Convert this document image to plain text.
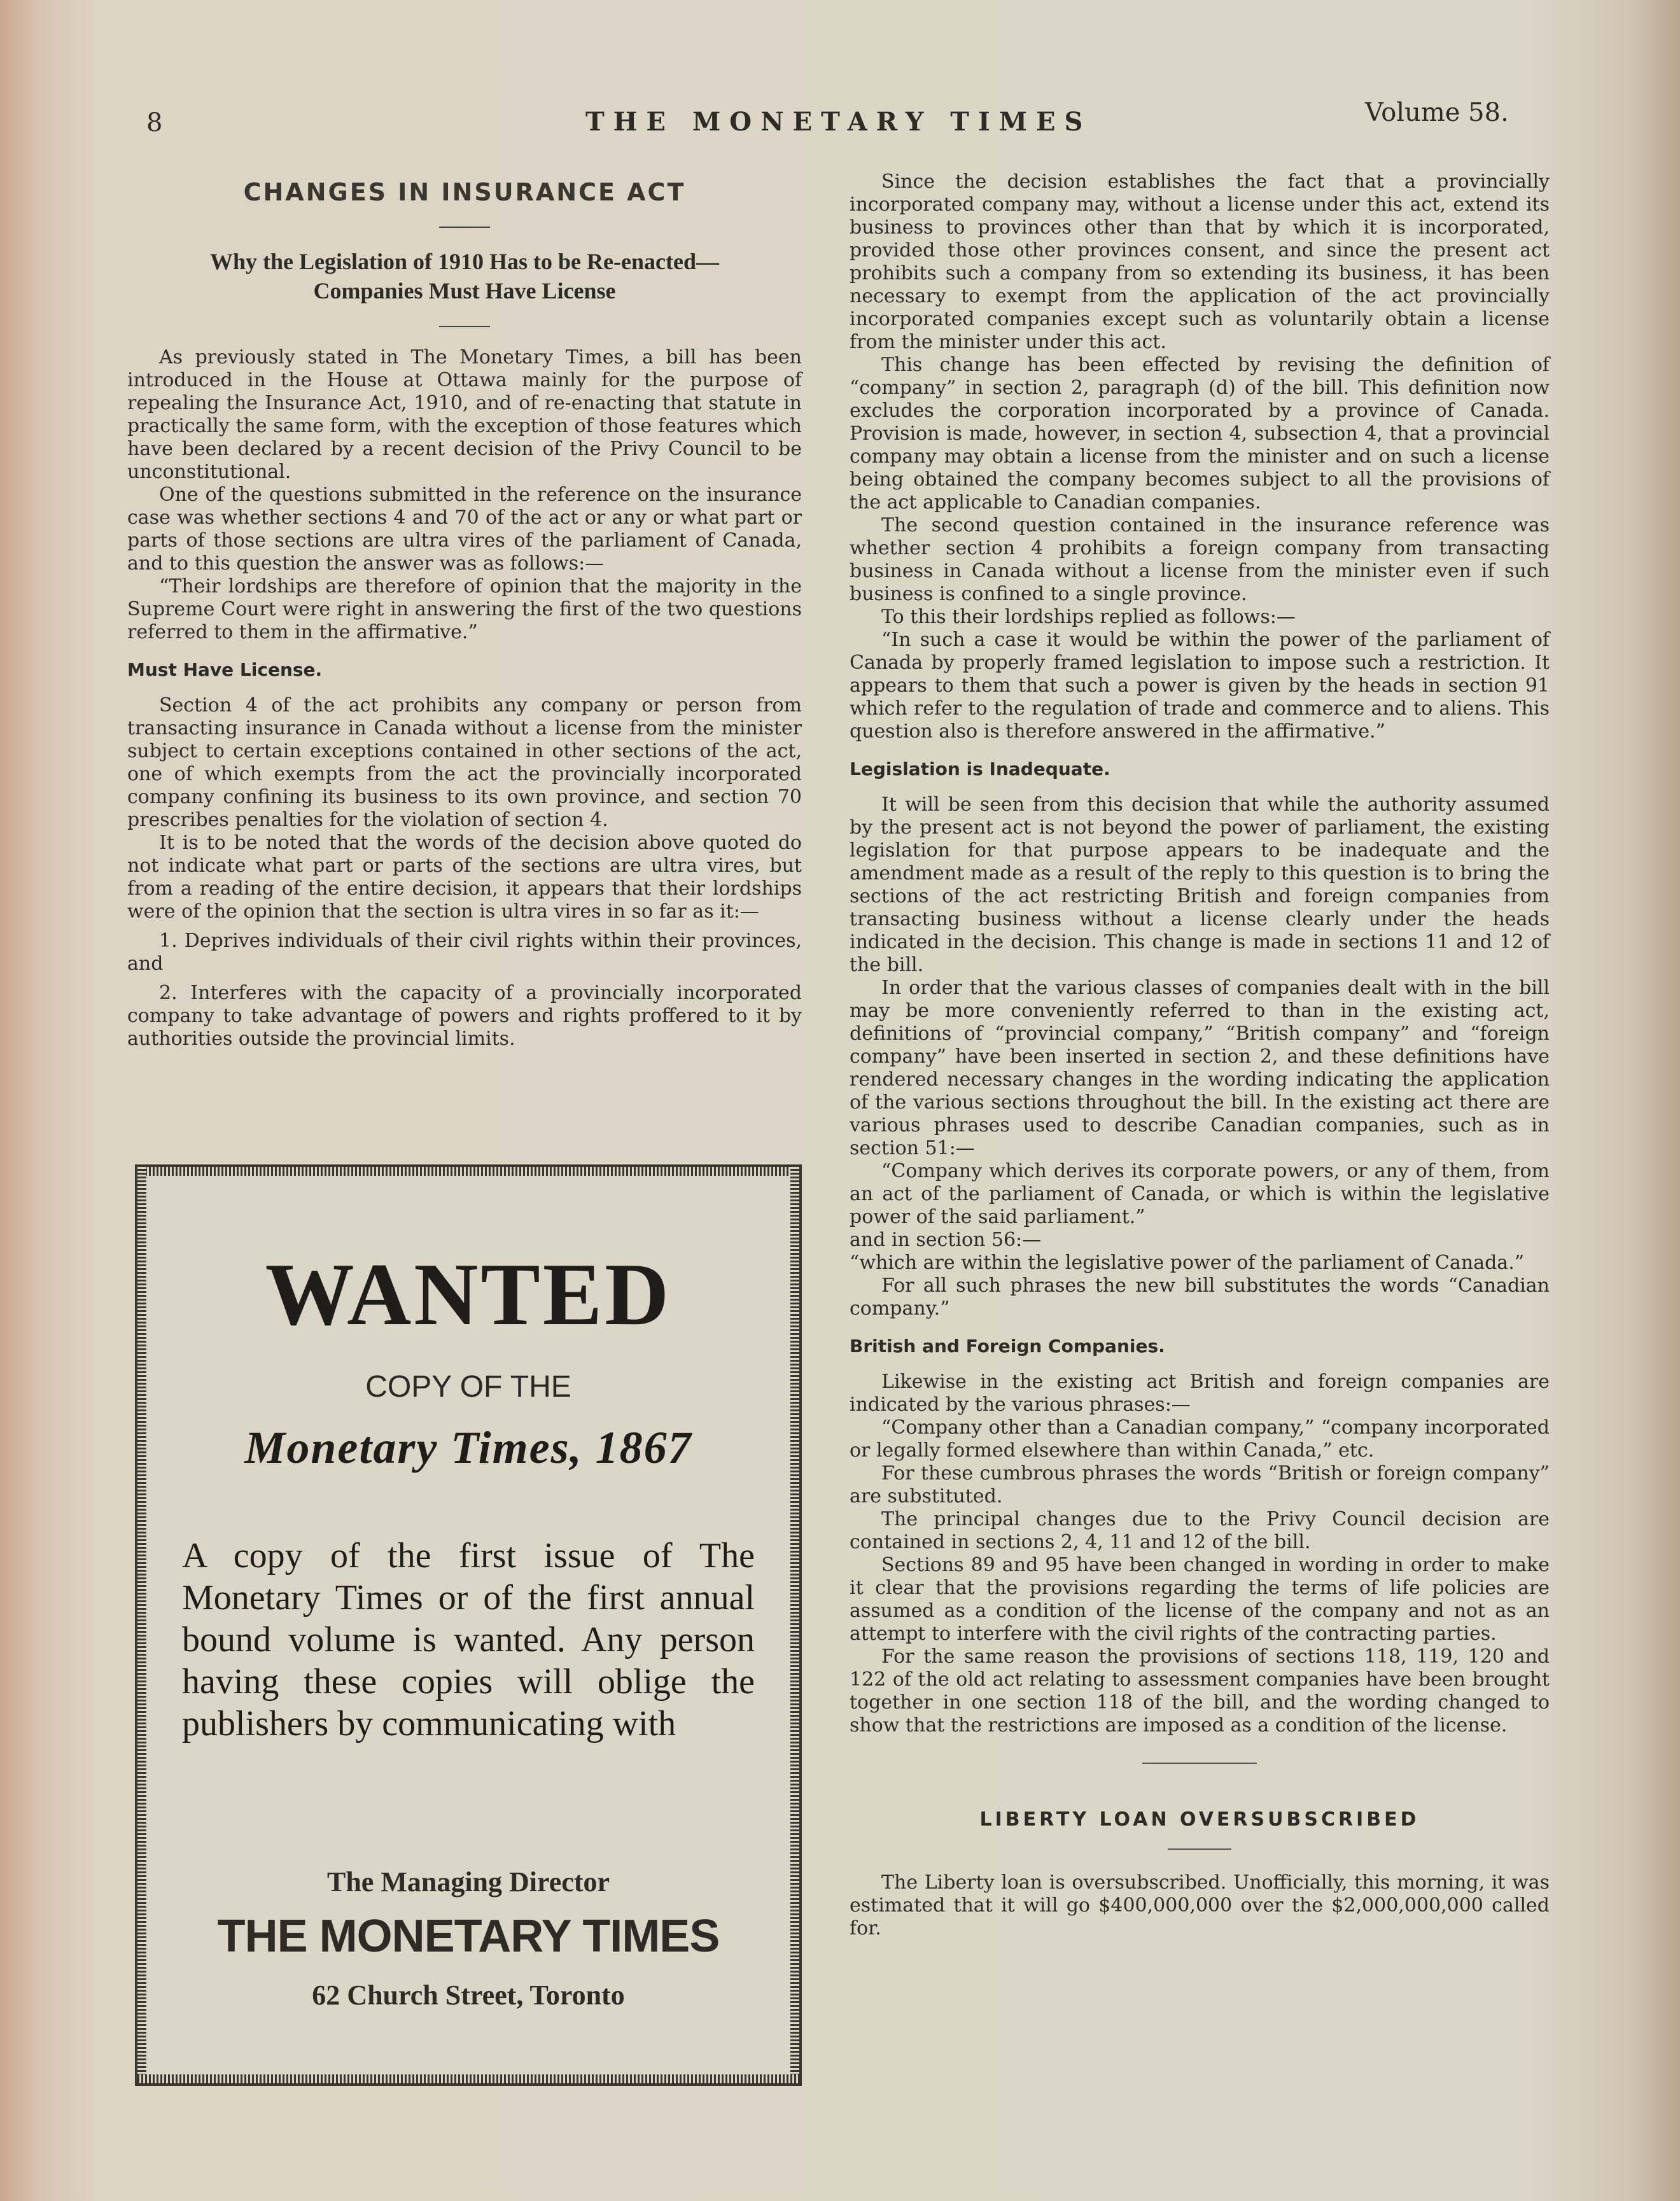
8	THE MONETARY TIMES	Volume 58.
CHANGES IN INSURANCE ACT
Why the Legislation of 1910 Has to be Re-enacted—
Companies Must Have License

As previously stated in The Monetary Times, a bill has been introduced in the House at Ottawa mainly for the purpose of repealing the Insurance Act, 1910, and of re-enacting that statute in practically the same form, with the exception of those features which have been declared by a recent decision of the Privy Council to be unconstitutional.

One of the questions submitted in the reference on the insurance case was whether sections 4 and 70 of the act or any or what part or parts of those sections are ultra vires of the parliament of Canada, and to this question the answer was as follows:—

“Their lordships are therefore of opinion that the majority in the Supreme Court were right in answering the first of the two questions referred to them in the affirmative.”

Must Have License.

Section 4 of the act prohibits any company or person from transacting insurance in Canada without a license from the minister subject to certain exceptions contained in other sections of the act, one of which exempts from the act the provincially incorporated company confining its business to its own province, and section 70 prescribes penalties for the violation of section 4.

It is to be noted that the words of the decision above quoted do not indicate what part or parts of the sections are ultra vires, but from a reading of the entire decision, it appears that their lordships were of the opinion that the section is ultra vires in so far as it:—

1. Deprives individuals of their civil rights within their provinces, and

2. Interferes with the capacity of a provincially incorporated company to take advantage of powers and rights proffered to it by authorities outside the provincial limits.

WANTED
COPY OF THE
Monetary Times, 1867
A copy of the first issue of The Monetary Times or of the first annual bound volume is wanted. Any person having these copies will oblige the publishers by communicating with
The Managing Director
THE MONETARY TIMES
62 Church Street, Toronto

Since the decision establishes the fact that a provincially incorporated company may, without a license under this act, extend its business to provinces other than that by which it is incorporated, provided those other provinces consent, and since the present act prohibits such a company from so extending its business, it has been necessary to exempt from the application of the act provincially incorporated companies except such as voluntarily obtain a license from the minister under this act.

This change has been effected by revising the definition of “company” in section 2, paragraph (d) of the bill. This definition now excludes the corporation incorporated by a province of Canada. Provision is made, however, in section 4, subsection 4, that a provincial company may obtain a license from the minister and on such a license being obtained the company becomes subject to all the provisions of the act applicable to Canadian companies.

The second question contained in the insurance reference was whether section 4 prohibits a foreign company from transacting business in Canada without a license from the minister even if such business is confined to a single province.

To this their lordships replied as follows:—

“In such a case it would be within the power of the parliament of Canada by properly framed legislation to impose such a restriction. It appears to them that such a power is given by the heads in section 91 which refer to the regulation of trade and commerce and to aliens. This question also is therefore answered in the affirmative.”

Legislation is Inadequate.

It will be seen from this decision that while the authority assumed by the present act is not beyond the power of parliament, the existing legislation for that purpose appears to be inadequate and the amendment made as a result of the reply to this question is to bring the sections of the act restricting British and foreign companies from transacting business without a license clearly under the heads indicated in the decision. This change is made in sections 11 and 12 of the bill.

In order that the various classes of companies dealt with in the bill may be more conveniently referred to than in the existing act, definitions of “provincial company,” “British company” and “foreign company” have been inserted in section 2, and these definitions have rendered necessary changes in the wording indicating the application of the various sections throughout the bill. In the existing act there are various phrases used to describe Canadian companies, such as in section 51:—

“Company which derives its corporate powers, or any of them, from an act of the parliament of Canada, or which is within the legislative power of the said parliament.”

and in section 56:—

“which are within the legislative power of the parliament of Canada.”

For all such phrases the new bill substitutes the words “Canadian company.”

British and Foreign Companies.

Likewise in the existing act British and foreign companies are indicated by the various phrases:—

“Company other than a Canadian company,” “company incorporated or legally formed elsewhere than within Canada,” etc.

For these cumbrous phrases the words “British or foreign company” are substituted.

The principal changes due to the Privy Council decision are contained in sections 2, 4, 11 and 12 of the bill.

Sections 89 and 95 have been changed in wording in order to make it clear that the provisions regarding the terms of life policies are assumed as a condition of the license of the company and not as an attempt to interfere with the civil rights of the contracting parties.

For the same reason the provisions of sections 118, 119, 120 and 122 of the old act relating to assessment companies have been brought together in one section 118 of the bill, and the wording changed to show that the restrictions are imposed as a condition of the license.

LIBERTY LOAN OVERSUBSCRIBED

The Liberty loan is oversubscribed. Unofficially, this morning, it was estimated that it will go $400,000,000 over the $2,000,000,000 called for.
